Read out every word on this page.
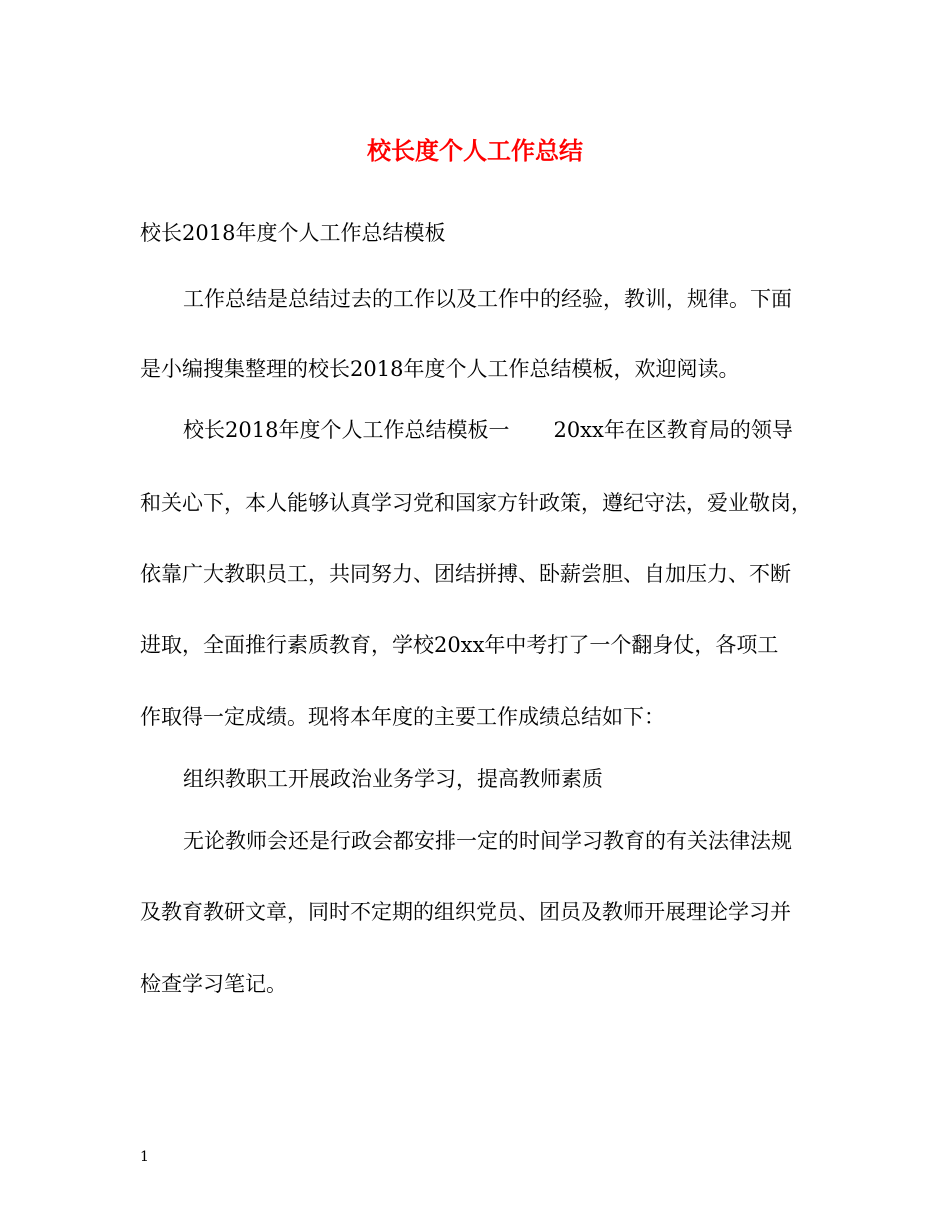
校长度个人工作总结
校长2018年度个人工作总结模板
工作总结是总结过去的工作以及工作中的经验，教训，规律。下面
是小编搜集整理的校长2018年度个人工作总结模板，欢迎阅读。
校长2018年度个人工作总结模板一 20xx年在区教育局的领导
和关心下，本人能够认真学习党和国家方针政策，遵纪守法，爱业敬岗，
依靠广大教职员工，共同努力、团结拼搏、卧薪尝胆、自加压力、不断
进取，全面推行素质教育，学校20xx年中考打了一个翻身仗，各项工
作取得一定成绩。现将本年度的主要工作成绩总结如下：
组织教职工开展政治业务学习，提高教师素质
无论教师会还是行政会都安排一定的时间学习教育的有关法律法规
及教育教研文章，同时不定期的组织党员、团员及教师开展理论学习并
检查学习笔记。
1
